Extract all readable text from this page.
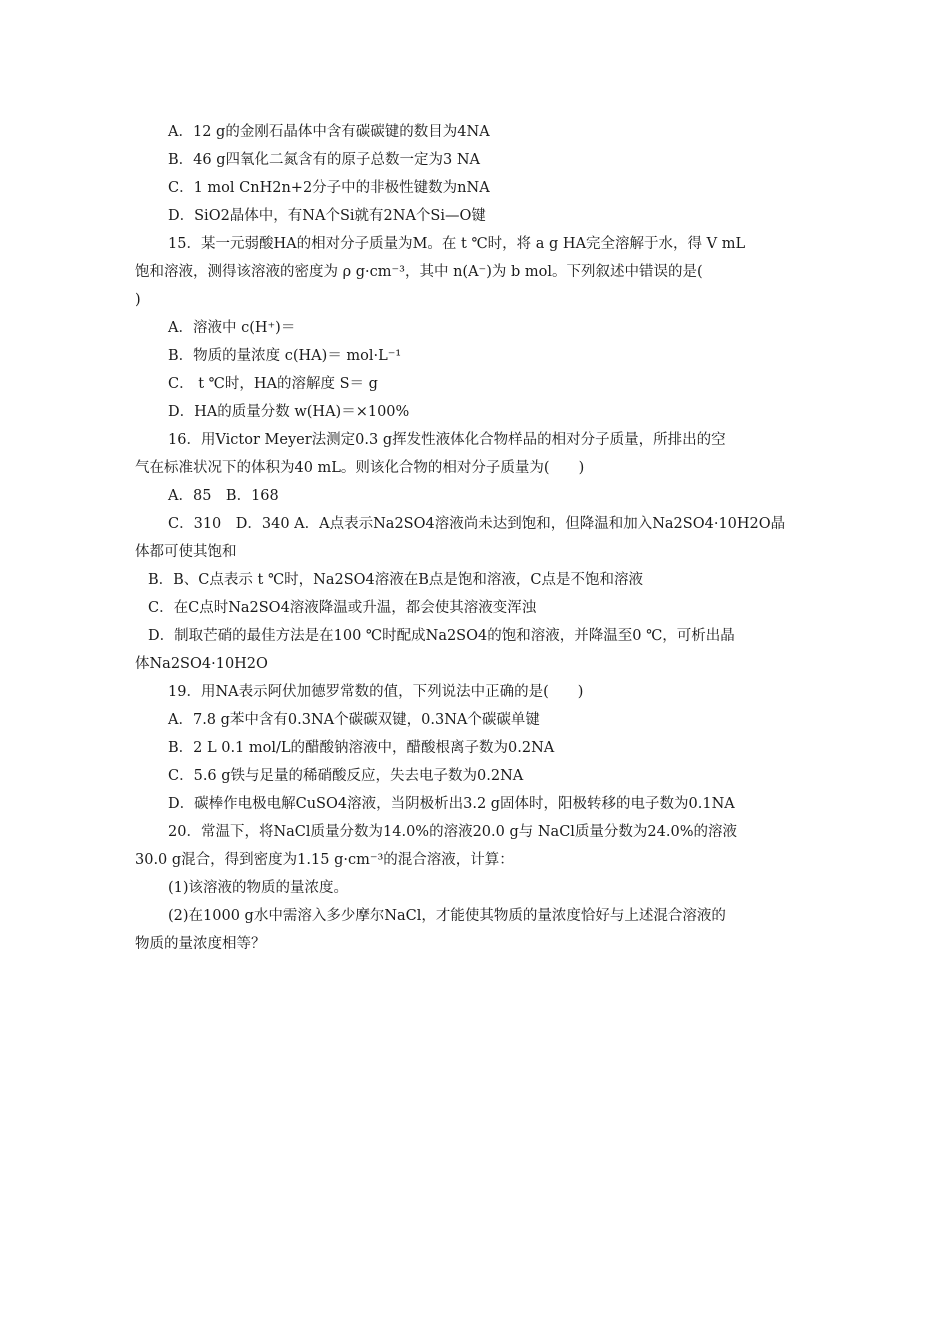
A．12 g的金刚石晶体中含有碳碳键的数目为4NA
B．46 g四氧化二氮含有的原子总数一定为3 NA
C．1 mol CnH2n+2分子中的非极性键数为nNA
D．SiO2晶体中，有NA个Si就有2NA个Si—O键
15．某一元弱酸HA的相对分子质量为M。在 t ℃时，将 a g HA完全溶解于水，得 V mL
饱和溶液，测得该溶液的密度为 ρ g·cm⁻³，其中 n(A⁻)为 b mol。下列叙述中错误的是(
)
A．溶液中 c(H⁺)＝
B．物质的量浓度 c(HA)＝ mol·L⁻¹
C． t ℃时，HA的溶解度 S＝ g
D．HA的质量分数 w(HA)＝×100%
16．用Victor Meyer法测定0.3 g挥发性液体化合物样品的相对分子质量，所排出的空
气在标准状况下的体积为40 mL。则该化合物的相对分子质量为(　　)
A．85　B．168
C．310　D．340 A．A点表示Na2SO4溶液尚未达到饱和，但降温和加入Na2SO4·10H2O晶
体都可使其饱和
B．B、C点表示 t ℃时，Na2SO4溶液在B点是饱和溶液，C点是不饱和溶液
C．在C点时Na2SO4溶液降温或升温，都会使其溶液变浑浊
D．制取芒硝的最佳方法是在100 ℃时配成Na2SO4的饱和溶液，并降温至0 ℃，可析出晶
体Na2SO4·10H2O
19．用NA表示阿伏加德罗常数的值，下列说法中正确的是(　　)
A．7.8 g苯中含有0.3NA个碳碳双键，0.3NA个碳碳单键
B．2 L 0.1 mol/L的醋酸钠溶液中，醋酸根离子数为0.2NA
C．5.6 g铁与足量的稀硝酸反应，失去电子数为0.2NA
D．碳棒作电极电解CuSO4溶液，当阴极析出3.2 g固体时，阳极转移的电子数为0.1NA
20．常温下，将NaCl质量分数为14.0%的溶液20.0 g与 NaCl质量分数为24.0%的溶液
30.0 g混合，得到密度为1.15 g·cm⁻³的混合溶液，计算：
(1)该溶液的物质的量浓度。
(2)在1000 g水中需溶入多少摩尔NaCl，才能使其物质的量浓度恰好与上述混合溶液的
物质的量浓度相等？
